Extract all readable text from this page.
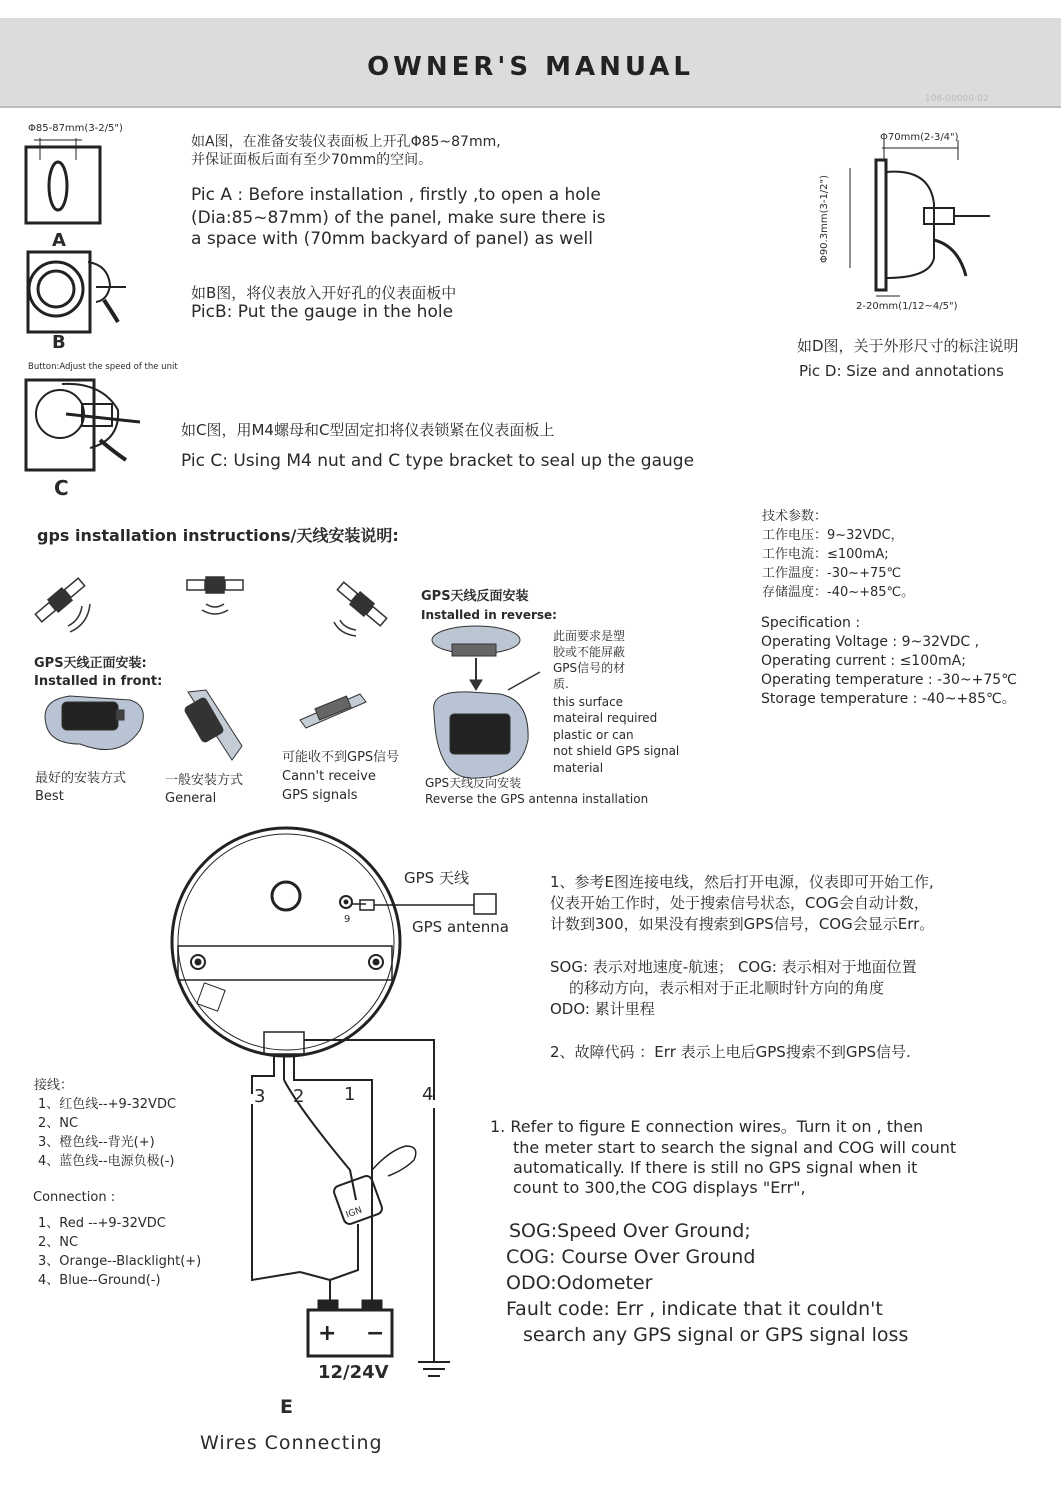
OWNER'S MANUAL
106-00000-02
+ −
Φ85-87mm(3-2/5")
A
如A图，在准备安装仪表面板上开孔Φ85~87mm,
并保证面板后面有至少70mm的空间。
Pic A : Before installation , firstly ,to open a hole
(Dia:85~87mm) of the panel, make sure there is
a space with (70mm backyard of panel) as well
B
如B图，将仪表放入开好孔的仪表面板中
PicB: Put the gauge in the hole
Button:Adjust the speed of the unit
C
如C图，用M4螺母和C型固定扣将仪表锁紧在仪表面板上
Pic C: Using M4 nut and C type bracket to seal up the gauge
Φ70mm(2-3/4")
Φ90.3mm(3-1/2")
2-20mm(1/12~4/5")
如D图，关于外形尺寸的标注说明
Pic D: Size and annotations
技术参数：
工作电压：9~32VDC，
工作电流：≤100mA;
工作温度：-30~+75℃
存储温度：-40~+85℃。
Specification :
Operating Voltage : 9~32VDC ,
Operating current : ≤100mA;
Operating temperature : -30~+75℃
Storage temperature : -40~+85℃。
gps installation instructions/天线安装说明:
GPS天线正面安装:
Installed in front:
GPS天线反面安装
Installed in reverse:
最好的安装方式
Best
一般安装方式
General
可能收不到GPS信号
Cann't receive
GPS signals
此面要求是塑
胶或不能屏蔽
GPS信号的材
质.
this surface
mateiral required
plastic or can
not shield GPS signal
material
GPS天线反向安装
Reverse the GPS antenna installation
GPS 天线
GPS antenna
9
3 2 1	4
IGN
12/24V
E
Wires Connecting
接线：
1、红色线--+9-32VDC
2、NC
3、橙色线--背光(+)
4、蓝色线--电源负极(-)
Connection :
1、Red --+9-32VDC
2、NC
3、Orange--Blacklight(+)
4、Blue--Ground(-)
1、参考E图连接电线，然后打开电源，仪表即可开始工作,
仪表开始工作时，处于搜索信号状态，COG会自动计数，
计数到300，如果没有搜索到GPS信号，COG会显示Err。
SOG: 表示对地速度-航速； COG: 表示相对于地面位置
的移动方向，表示相对于正北顺时针方向的角度
ODO: 累计里程
2、故障代码 ：Err 表示上电后GPS搜索不到GPS信号.
1. Refer to figure E connection wires。Turn it on , then
the meter start to search the signal and COG will count
automatically. If there is still no GPS signal when it
count to 300,the COG displays "Err",
SOG:Speed Over Ground;
COG: Course Over Ground
ODO:Odometer
Fault code: Err , indicate that it couldn't
search any GPS signal or GPS signal loss
